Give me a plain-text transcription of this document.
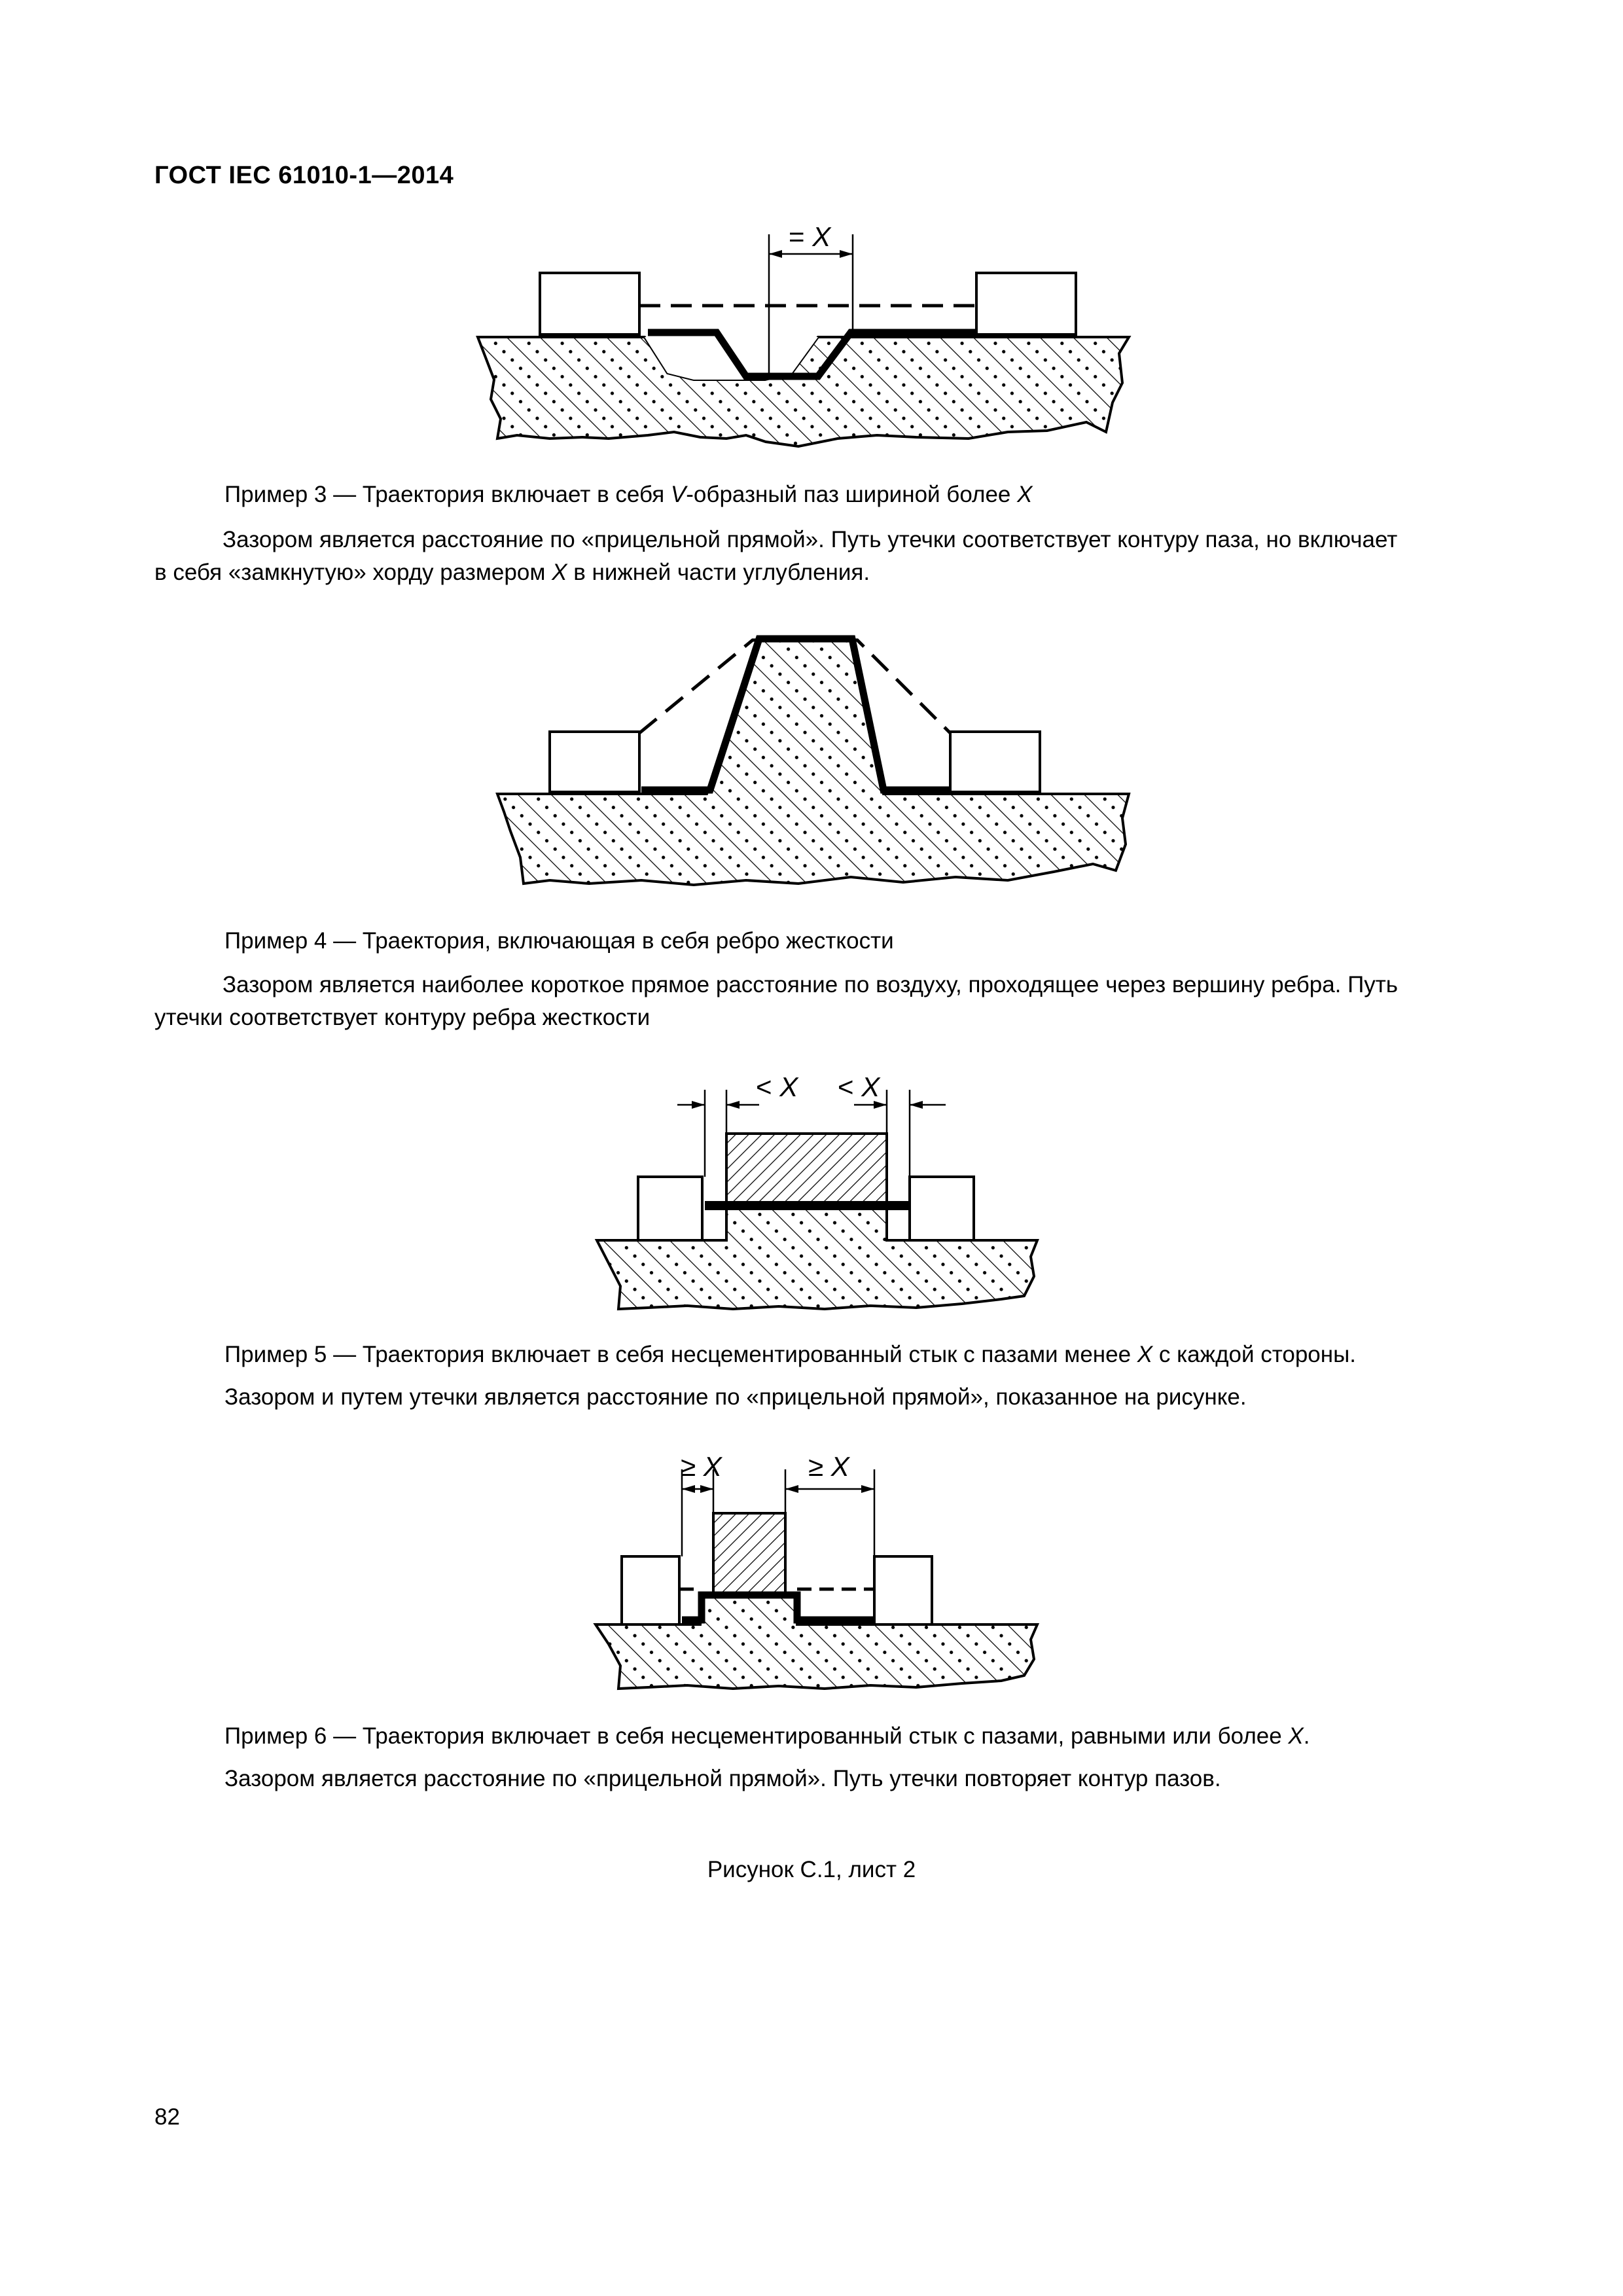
ГОСТ IEC 61010-1—2014
= X
Пример 3 — Траектория включает в себя V-образный паз шириной более X
Зазором является расстояние по «прицельной прямой». Путь утечки соответствует контуру паза, но включает
в себя «замкнутую» хорду размером X в нижней части углубления.
Пример 4 — Траектория, включающая в себя ребро жесткости
Зазором является наиболее короткое прямое расстояние по воздуху, проходящее через вершину ребра. Путь
утечки соответствует контуру ребра жесткости
< X < X
Пример 5 — Траектория включает в себя несцементированный стык с пазами менее X с каждой стороны.
Зазором и путем утечки является расстояние по «прицельной прямой», показанное на рисунке.
≥ X	≥ X
Пример 6 — Траектория включает в себя несцементированный стык с пазами, равными или более X.
Зазором является расстояние по «прицельной прямой». Путь утечки повторяет контур пазов.
Рисунок С.1, лист 2
82
